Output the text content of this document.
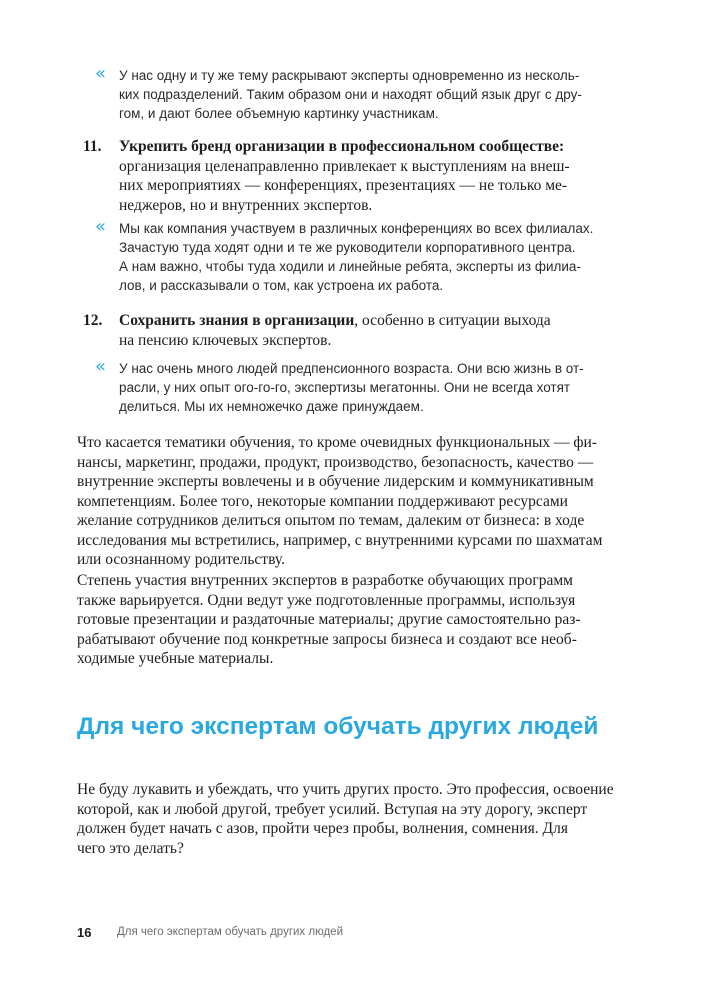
« У нас одну и ту же тему раскрывают эксперты одновременно из несколь-
ких подразделений. Таким образом они и находят общий язык друг с дру-
гом, и дают более объемную картинку участникам.

11. Укрепить бренд организации в профессиональном сообществе:
организация целенаправленно привлекает к выступлениям на внеш-
них мероприятиях — конференциях, презентациях — не только ме-
неджеров, но и внутренних экспертов.
« Мы как компания участвуем в различных конференциях во всех филиалах.
Зачастую туда ходят одни и те же руководители корпоративного центра.
А нам важно, чтобы туда ходили и линейные ребята, эксперты из филиа-
лов, и рассказывали о том, как устроена их работа.

12. Сохранить знания в организации, особенно в ситуации выхода
на пенсию ключевых экспертов.
« У нас очень много людей предпенсионного возраста. Они всю жизнь в от-
расли, у них опыт ого-го-го, экспертизы мегатонны. Они не всегда хотят
делиться. Мы их немножечко даже принуждаем.

Что касается тематики обучения, то кроме очевидных функциональных — фи-
нансы, маркетинг, продажи, продукт, производство, безопасность, качество —
внутренние эксперты вовлечены и в обучение лидерским и коммуникативным
компетенциям. Более того, некоторые компании поддерживают ресурсами
желание сотрудников делиться опытом по темам, далеким от бизнеса: в ходе
исследования мы встретились, например, с внутренними курсами по шахматам
или осознанному родительству.
Степень участия внутренних экспертов в разработке обучающих программ
также варьируется. Одни ведут уже подготовленные программы, используя
готовые презентации и раздаточные материалы; другие самостоятельно раз-
рабатывают обучение под конкретные запросы бизнеса и создают все необ-
ходимые учебные материалы.
Для чего экспертам обучать других людей
Не буду лукавить и убеждать, что учить других просто. Это профессия, освоение
которой, как и любой другой, требует усилий. Вступая на эту дорогу, эксперт
должен будет начать с азов, пройти через пробы, волнения, сомнения. Для
чего это делать?
16 Для чего экспертам обучать других людей
